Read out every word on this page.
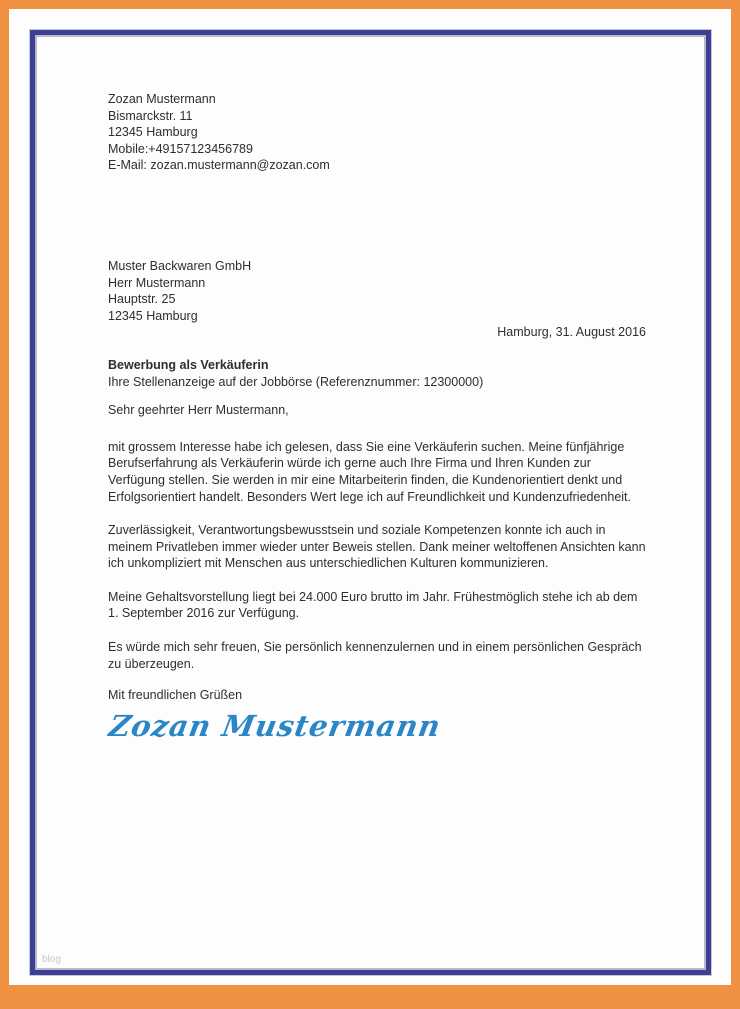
Zozan Mustermann
Bismarckstr. 11
12345 Hamburg
Mobile:+49157123456789
E-Mail: zozan.mustermann@zozan.com
Muster Backwaren GmbH
Herr Mustermann
Hauptstr. 25
12345 Hamburg
Hamburg, 31. August 2016
Bewerbung als Verkäuferin
Ihre Stellenanzeige auf der Jobbörse (Referenznummer: 12300000)
Sehr geehrter Herr Mustermann,

mit grossem Interesse habe ich gelesen, dass Sie eine Verkäuferin suchen. Meine fünfjährige Berufserfahrung als Verkäuferin würde ich gerne auch Ihre Firma und Ihren Kunden zur Verfügung stellen. Sie werden in mir eine Mitarbeiterin finden, die Kundenorientiert denkt und Erfolgsorientiert handelt. Besonders Wert lege ich auf Freundlichkeit und Kundenzufriedenheit.

Zuverlässigkeit, Verantwortungsbewusstsein und soziale Kompetenzen konnte ich auch in meinem Privatleben immer wieder unter Beweis stellen. Dank meiner weltoffenen Ansichten kann ich unkompliziert mit Menschen aus unterschiedlichen Kulturen kommunizieren.

Meine Gehaltsvorstellung liegt bei 24.000 Euro brutto im Jahr. Frühestmöglich stehe ich ab dem 1. September 2016 zur Verfügung.

Es würde mich sehr freuen, Sie persönlich kennenzulernen und in einem persönlichen Gespräch zu überzeugen.

Mit freundlichen Grüßen
Zozan Mustermann
blog
